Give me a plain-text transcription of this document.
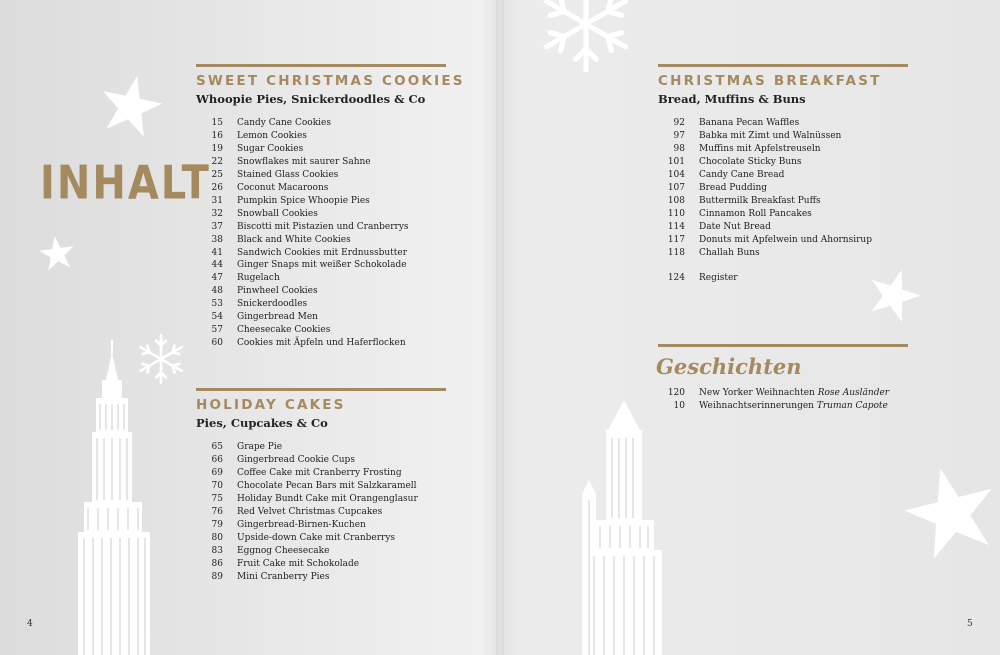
INHALT
SWEET CHRISTMAS COOKIES
Whoopie Pies, Snickerdoodles & Co
15	Candy Cane Cookies
16	Lemon Cookies
19	Sugar Cookies
22	Snowflakes mit saurer Sahne
25	Stained Glass Cookies
26	Coconut Macaroons
31	Pumpkin Spice Whoopie Pies
32	Snowball Cookies
37	Biscotti mit Pistazien und Cranberrys
38	Black and White Cookies
41	Sandwich Cookies mit Erdnussbutter
44	Ginger Snaps mit weißer Schokolade
47	Rugelach
48	Pinwheel Cookies
53	Snickerdoodles
54	Gingerbread Men
57	Cheesecake Cookies
60	Cookies mit Äpfeln und Haferflocken
HOLIDAY CAKES
Pies, Cupcakes & Co
65	Grape Pie
66	Gingerbread Cookie Cups
69	Coffee Cake mit Cranberry Frosting
70	Chocolate Pecan Bars mit Salzkaramell
75	Holiday Bundt Cake mit Orangenglasur
76	Red Velvet Christmas Cupcakes
79	Gingerbread-Birnen-Kuchen
80	Upside-down Cake mit Cranberrys
83	Eggnog Cheesecake
86	Fruit Cake mit Schokolade
89	Mini Cranberry Pies
4
CHRISTMAS BREAKFAST
Bread, Muffins & Buns
92	Banana Pecan Waffles
97	Babka mit Zimt und Walnüssen
98	Muffins mit Apfelstreuseln
101	Chocolate Sticky Buns
104	Candy Cane Bread
107	Bread Pudding
108	Buttermilk Breakfast Puffs
110	Cinnamon Roll Pancakes
114	Date Nut Bread
117	Donuts mit Apfelwein und Ahornsirup
118	Challah Buns
124	Register
Geschichten
120	New Yorker Weihnachten Rose Ausländer
10	Weihnachtserinnerungen Truman Capote
5
